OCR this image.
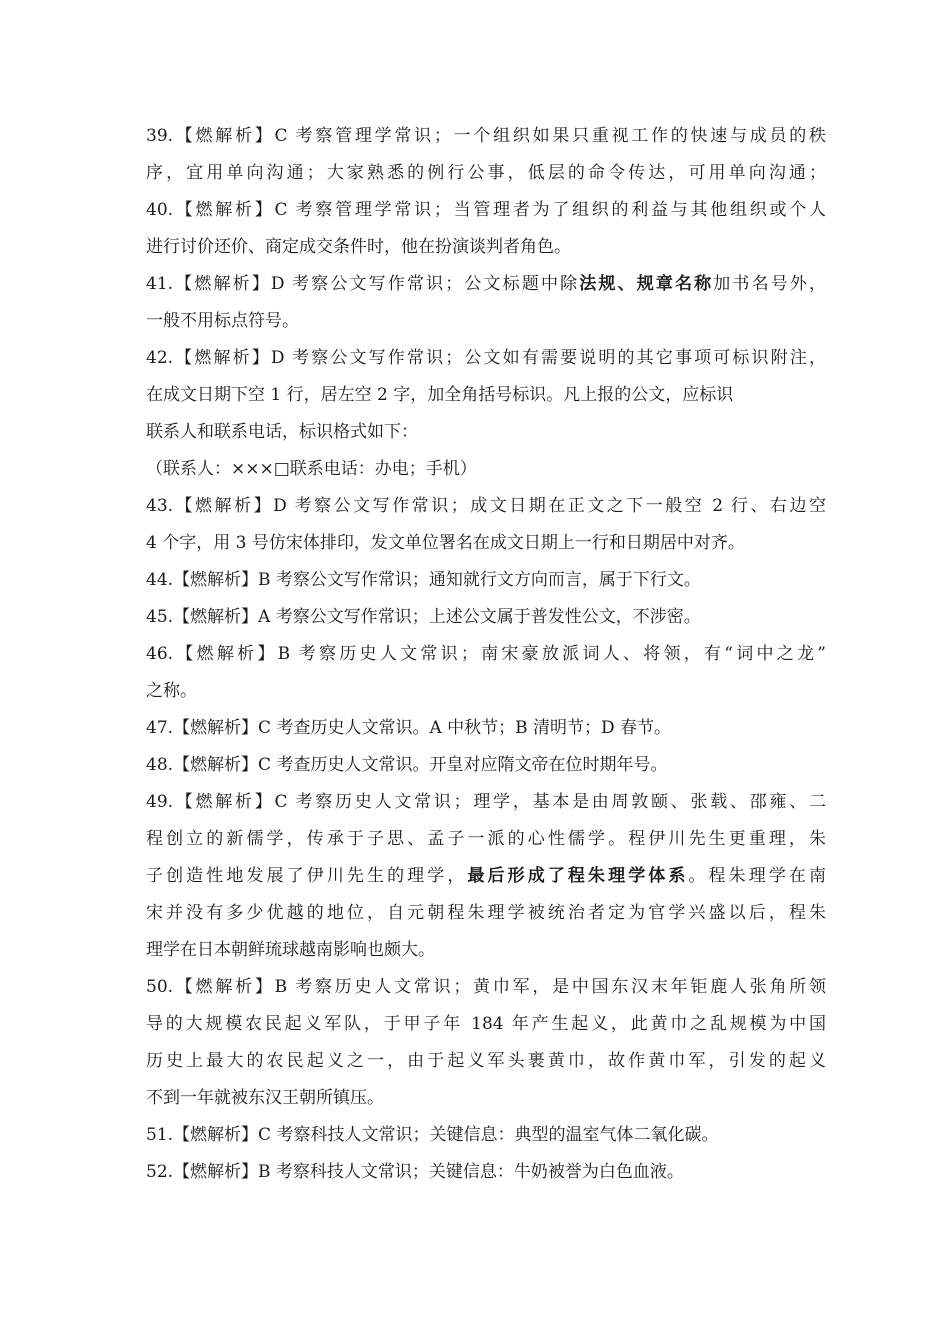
39.【燃解析】C 考察管理学常识；一个组织如果只重视工作的快速与成员的秩
序，宜用单向沟通；大家熟悉的例行公事，低层的命令传达，可用单向沟通；
40.【燃解析】C 考察管理学常识；当管理者为了组织的利益与其他组织或个人
进行讨价还价、商定成交条件时，他在扮演谈判者角色。
41.【燃解析】D 考察公文写作常识；公文标题中除法规、规章名称加书名号外，
一般不用标点符号。
42.【燃解析】D 考察公文写作常识；公文如有需要说明的其它事项可标识附注，
在成文日期下空 1 行，居左空 2 字，加全角括号标识。凡上报的公文，应标识
联系人和联系电话，标识格式如下：
（联系人：×××□联系电话：办电；手机）
43.【燃解析】D 考察公文写作常识；成文日期在正文之下一般空 2 行、右边空
4 个字，用 3 号仿宋体排印，发文单位署名在成文日期上一行和日期居中对齐。
44.【燃解析】B 考察公文写作常识；通知就行文方向而言，属于下行文。
45.【燃解析】A 考察公文写作常识；上述公文属于普发性公文，不涉密。
46.【燃解析】B 考察历史人文常识；南宋豪放派词人、将领，有“词中之龙”
之称。
47.【燃解析】C 考查历史人文常识。A 中秋节；B 清明节；D 春节。
48.【燃解析】C 考查历史人文常识。开皇对应隋文帝在位时期年号。
49.【燃解析】C 考察历史人文常识；理学，基本是由周敦颐、张载、邵雍、二
程创立的新儒学，传承于子思、孟子一派的心性儒学。程伊川先生更重理，朱
子创造性地发展了伊川先生的理学，最后形成了程朱理学体系。程朱理学在南
宋并没有多少优越的地位，自元朝程朱理学被统治者定为官学兴盛以后，程朱
理学在日本朝鲜琉球越南影响也颇大。
50.【燃解析】B 考察历史人文常识；黄巾军，是中国东汉末年钜鹿人张角所领
导的大规模农民起义军队，于甲子年 184 年产生起义，此黄巾之乱规模为中国
历史上最大的农民起义之一，由于起义军头裹黄巾，故作黄巾军，引发的起义
不到一年就被东汉王朝所镇压。
51.【燃解析】C 考察科技人文常识；关键信息：典型的温室气体二氧化碳。
52.【燃解析】B 考察科技人文常识；关键信息：牛奶被誉为白色血液。
